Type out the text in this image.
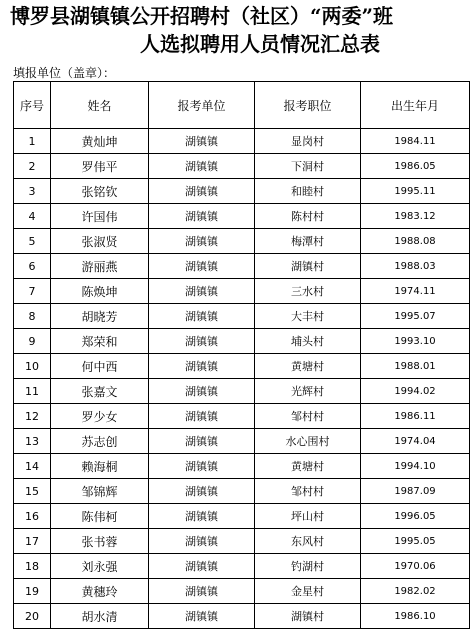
博罗县湖镇镇公开招聘村（社区）“两委”班
人选拟聘用人员情况汇总表
填报单位（盖章）：
序号	姓名	报考单位	报考职位	出生年月
1	黄灿坤	湖镇镇	显岗村	1984.11
2	罗伟平	湖镇镇	下洞村	1986.05
3	张铭钦	湖镇镇	和睦村	1995.11
4	许国伟	湖镇镇	陈村村	1983.12
5	张淑贤	湖镇镇	梅潭村	1988.08
6	游丽燕	湖镇镇	湖镇村	1988.03
7	陈焕坤	湖镇镇	三水村	1974.11
8	胡晓芳	湖镇镇	大丰村	1995.07
9	郑荣和	湖镇镇	埔头村	1993.10
10	何中西	湖镇镇	黄塘村	1988.01
11	张嘉文	湖镇镇	光辉村	1994.02
12	罗少女	湖镇镇	邹村村	1986.11
13	苏志创	湖镇镇	水心围村	1974.04
14	赖海桐	湖镇镇	黄塘村	1994.10
15	邹锦辉	湖镇镇	邹村村	1987.09
16	陈伟柯	湖镇镇	坪山村	1996.05
17	张书蓉	湖镇镇	东风村	1995.05
18	刘永强	湖镇镇	钓湖村	1970.06
19	黄穗玲	湖镇镇	金星村	1982.02
20	胡水清	湖镇镇	湖镇村	1986.10
